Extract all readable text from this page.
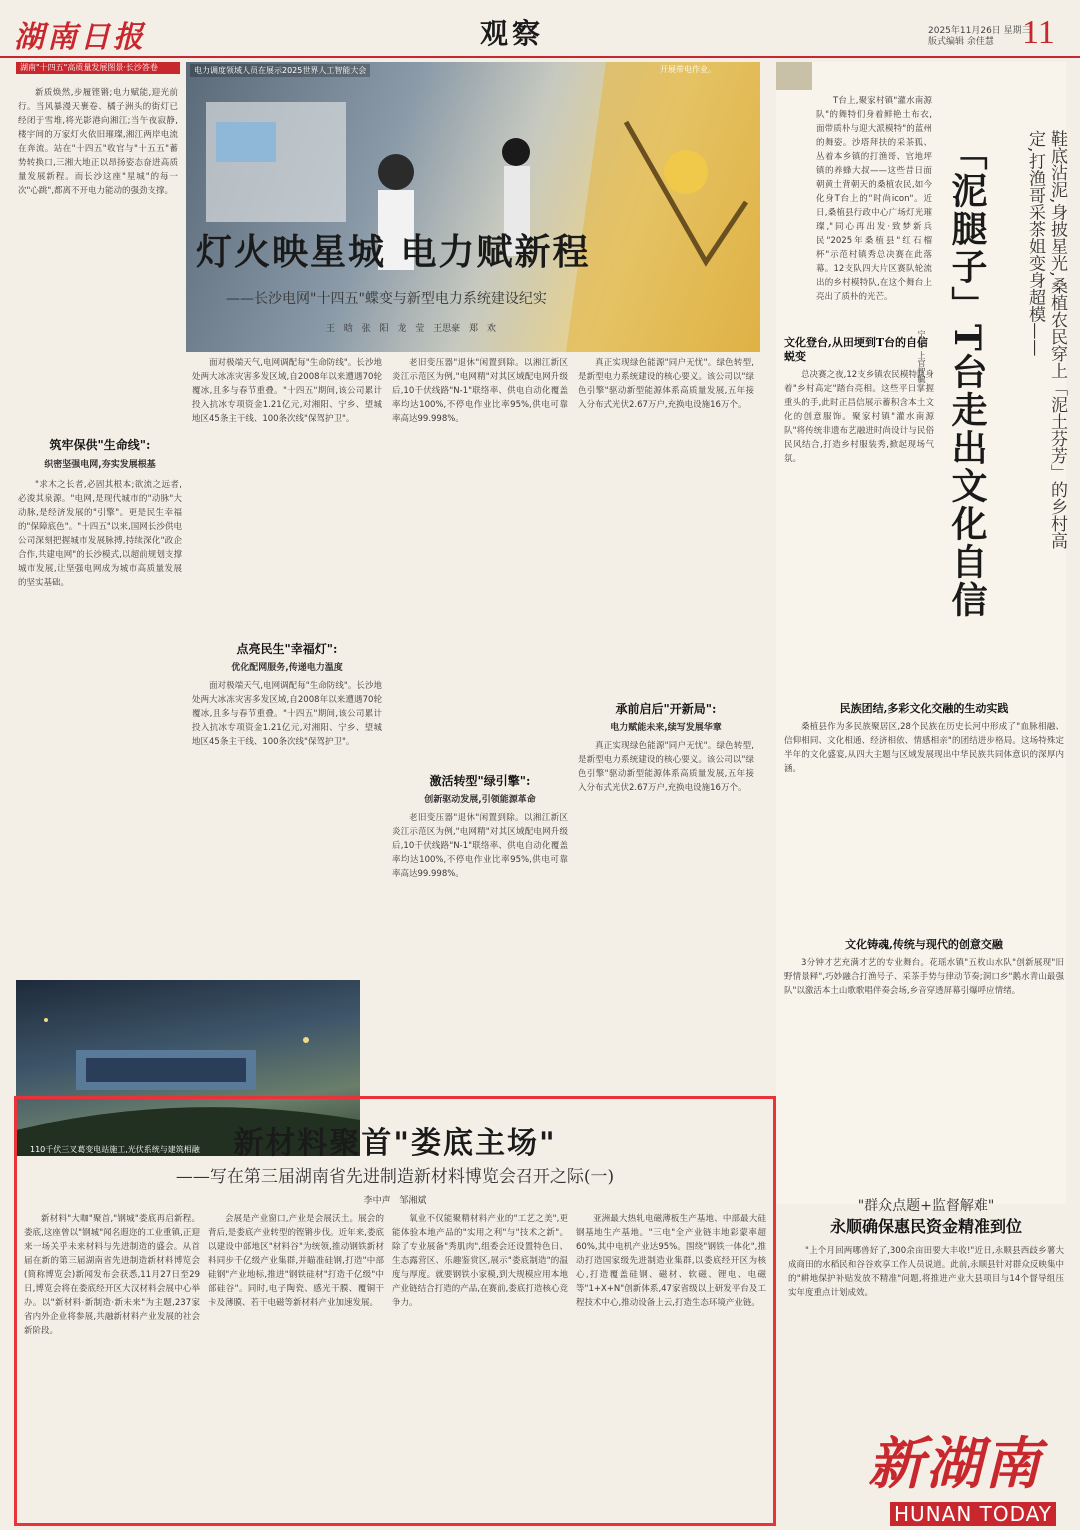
湖南日报	观察	2025年11月26日 星期三
版式编辑 余佳慧 11
湖南"十四五"高质量发展图景·长沙答卷
新质焕然,步履铿锵;电力赋能,迎光前行。当风暴漫天裹卷、橘子洲头的街灯已经闭于雪堆,将光影港向湘江;当午夜寂静,楼宇间的万家灯火依旧璀璨,湘江两岸电流在奔流。站在"十四五"收官与"十五五"蓄势转换口,三湘大地正以昂扬姿态奋进高质量发展新程。而长沙这座"星城"的每一次"心跳",都离不开电力能动的强劲支撑。
电力调度领域人员在展示2025世界人工智能大会	开展带电作业。
灯火映星城 电力赋新程
——长沙电网"十四五"蝶变与新型电力系统建设纪实
王 晗 张 阳 龙 莹 王思豪 郑 欢
筑牢保供"生命线":
织密坚强电网,夯实发展根基
"求木之长者,必固其根本;欲流之远者,必浚其泉源。"电网,是现代城市的"动脉"大动脉,是经济发展的"引擎"。更是民生幸福的"保障底色"。"十四五"以来,国网长沙供电公司深刻把握城市发展脉搏,持续深化"政企合作,共建电网"的长沙模式,以超前规划支撑城市发展,让坚强电网成为城市高质量发展的坚实基础。
面对极端天气,电网调配每"生命防线"。长沙地处两大冰冻灾害多发区域,自2008年以来遭遇70轮覆冰,且多与春节重叠。"十四五"期间,该公司累计投入抗冰专项资金1.21亿元,对湘阳、宁乡、望城地区45条主干线、100条次线"保驾护卫"。
点亮民生"幸福灯":
优化配网服务,传递电力温度
面对极端天气,电网调配每"生命防线"。长沙地处两大冰冻灾害多发区域,自2008年以来遭遇70轮覆冰,且多与春节重叠。"十四五"期间,该公司累计投入抗冰专项资金1.21亿元,对湘阳、宁乡、望城地区45条主干线、100条次线"保驾护卫"。
老旧变压器"退休"闲置到除。以湘江新区炎江示范区为例,"电网精"对其区域配电网升级后,10千伏线路"N-1"联络率、供电自动化覆盖率均达100%,不停电作业比率95%,供电可靠率高达99.998%。
激活转型"绿引擎":
创新驱动发展,引领能源革命
老旧变压器"退休"闲置到除。以湘江新区炎江示范区为例,"电网精"对其区域配电网升级后,10千伏线路"N-1"联络率、供电自动化覆盖率均达100%,不停电作业比率95%,供电可靠率高达99.998%。
真正实现绿色能源"同户无忧"。绿色转型,是新型电力系统建设的核心要义。该公司以"绿色引擎"驱动新型能源体系高质量发展,五年接入分布式光伏2.67万户,充换电设施16万个。
承前启后"开新局":
电力赋能未来,续写发展华章
真正实现绿色能源"同户无忧"。绿色转型,是新型电力系统建设的核心要义。该公司以"绿色引擎"驱动新型能源体系高质量发展,五年接入分布式光伏2.67万户,充换电设施16万个。
110千伏三叉葛变电站施工,光伏系统与建筑相融	新材料聚首"娄底主场"
——写在第三届湖南省先进制造新材料博览会召开之际(一)
李中声 邹湘斌
新材料"大咖"聚首,"钢城"娄底再启新程。娄底,这座曾以"钢城"闻名遐迩的工业重镇,正迎来一场关乎未来材料与先进制造的盛会。从首届在新的第三届湖南省先进制造新材料博览会(简称博览会)新闻发布会获悉,11月27日至29日,博览会将在娄底经开区大汉材料会展中心举办。以"新材料·新制造·新未来"为主题,237家省内外企业将参展,共融新材料产业发展的社会新阶段。
会展是产业窗口,产业是会展沃土。展会的背后,是娄底产业转型的铿锵步伐。近年来,娄底以建设中部地区"材料谷"为统领,推动钢铁新材料同步千亿级产业集群,并瞄准硅钢,打造"中部硅钢"产业地标,推进"钢铁硅材"打造千亿级"中部硅谷"。同时,电子陶瓷、感光干膜、覆铜干卡及薄膜、若干电磁等新材料产业加速发展。
氧业不仅能聚精材料产业的"工艺之美",更能体验本地产品的"实用之利"与"技术之新"。除了专业展备"秀肌肉",组委会还设置特色日、生态露营区、乐趣鉴赏区,展示"娄底制造"的温度与厚度。就要钢铁小家模,到大规模应用本地产业链结合打造的产品,在赛前,娄底打造核心竞争力。
亚洲最大热轧电磁薄板生产基地、中部最大硅钢基地生产基地。"三电"全产业链丰地彩蒙率超60%,其中电机产业达95%。围绕"钢铁一体化",推动打造国家级先进制造业集群,以娄底经开区为核心,打造覆盖硅钢、磁材、软磁、锂电、电磁等"1+X+N"创新体系,47家省级以上研发平台及工程技术中心,推动设备上云,打造生态环境产业链。
T台上,聚家村镇"灌水南源队"的舞特们身着鲜艳土布衣,面带质朴与迎大派模特"的蓝州的舞姿。沙塔拜扶的采茶狐、丛着本乡镇的打渔哥、官地坪镇的养蜂大叔——这些昔日面朝黄土背朝天的桑植农民,如今化身T台上的"时尚icon"。近日,桑植县行政中心广场灯光璀璨,"同心再出发·致梦新兵民"2025年桑植县"红石榴杯"示范村镇秀总决赛在此落幕。12支队四大片区赛队轮流出的乡村模特队,在这个舞台上亮出了质朴的光芒。	「泥腿子」T台走出文化自信	鞋底沾泥,身披星光,桑植农民穿上「泥土芬芳」的乡村高定,打渔哥采茶姐变身超模——
宁 零 上官智毓
文化登台,从田埂到T台的自信蜕变
总决赛之夜,12支乡镇农民模特队身着"乡村高定"踏台亮相。这些平日掌握重头的手,此时正昌信展示蓄积含本土文化的创意服饰。聚家村镇"灌水南源队"将传统非遗布艺融进时尚设计与民俗民风结合,打造乡村服装秀,掀起现场气氛。
民族团结,多彩文化交融的生动实践
桑植县作为多民族聚居区,28个民族在历史长河中形成了"血脉相融、信仰相同、文化相通、经济相依、情感相亲"的团结进步格局。这场特殊定半年的文化盛宴,从四大主题与区域发展现出中华民族共同体意识的深厚内涵。
文化铸魂,传统与现代的创意交融
3分钟才艺充满才艺的专业舞台。花瑶水镇"五枚山水队"创新展现"旧野情景释",巧妙融合打渔号子、采茶手势与律动节奏;洞口乡"鹅水青山最强队"以激活本土山歌歌唱伴奏会场,乡音穿透屏幕引爆呼应情绪。
"群众点题+监督解难"
永顺确保惠民资金精准到位
"上个月回两哪兽好了,300余亩田要大丰收!"近日,永顺县西歧乡薯大成商田的水稻民和谷谷欢享工作人员说道。此前,永顺县针对群众反映集中的"耕地保护补贴发放不精准"问题,将推进产业大县项目与14个督导组压实年度重点计划成效。
新湖南
HUNAN TODAY
